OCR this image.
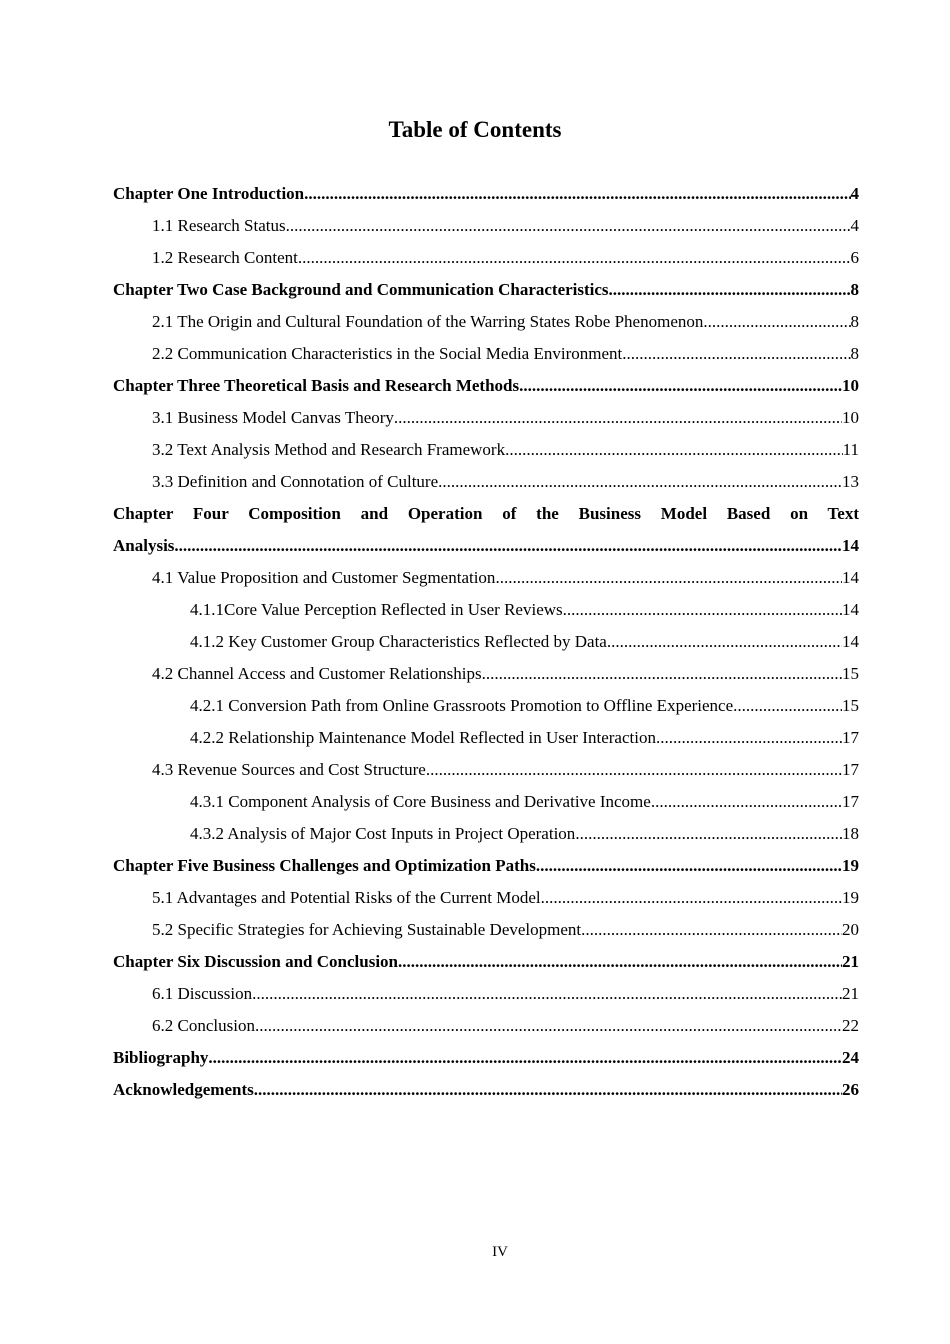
Table of Contents
Chapter One Introduction .....	4
1.1 Research Status .....	4
1.2 Research Content .....	6
Chapter Two Case Background and Communication Characteristics .....	8
2.1 The Origin and Cultural Foundation of the Warring States Robe Phenomenon. .....	8
2.2 Communication Characteristics in the Social Media Environment .....	8
Chapter Three Theoretical Basis and Research Methods .....	10
3.1 Business Model Canvas Theory .....	10
3.2 Text Analysis Method and Research Framework .....	11
3.3 Definition and Connotation of Culture .....	13
Chapter Four Composition and Operation of the Business Model Based on Text
Analysis .....	14
4.1 Value Proposition and Customer Segmentation .....	14
4.1.1Core Value Perception Reflected in User Reviews .....	14
4.1.2 Key Customer Group Characteristics Reflected by Data .....	14
4.2 Channel Access and Customer Relationships .....	15
4.2.1 Conversion Path from Online Grassroots Promotion to Offline Experience .....	15
4.2.2 Relationship Maintenance Model Reflected in User Interaction .....	17
4.3 Revenue Sources and Cost Structure .....	17
4.3.1 Component Analysis of Core Business and Derivative Income .....	17
4.3.2 Analysis of Major Cost Inputs in Project Operation .....	18
Chapter Five Business Challenges and Optimization Paths .....	19
5.1 Advantages and Potential Risks of the Current Model .....	19
5.2 Specific Strategies for Achieving Sustainable Development .....	20
Chapter Six Discussion and Conclusion .....	21
6.1 Discussion .....	21
6.2 Conclusion .....	22
Bibliography .....	24
Acknowledgements .....	26
IV
